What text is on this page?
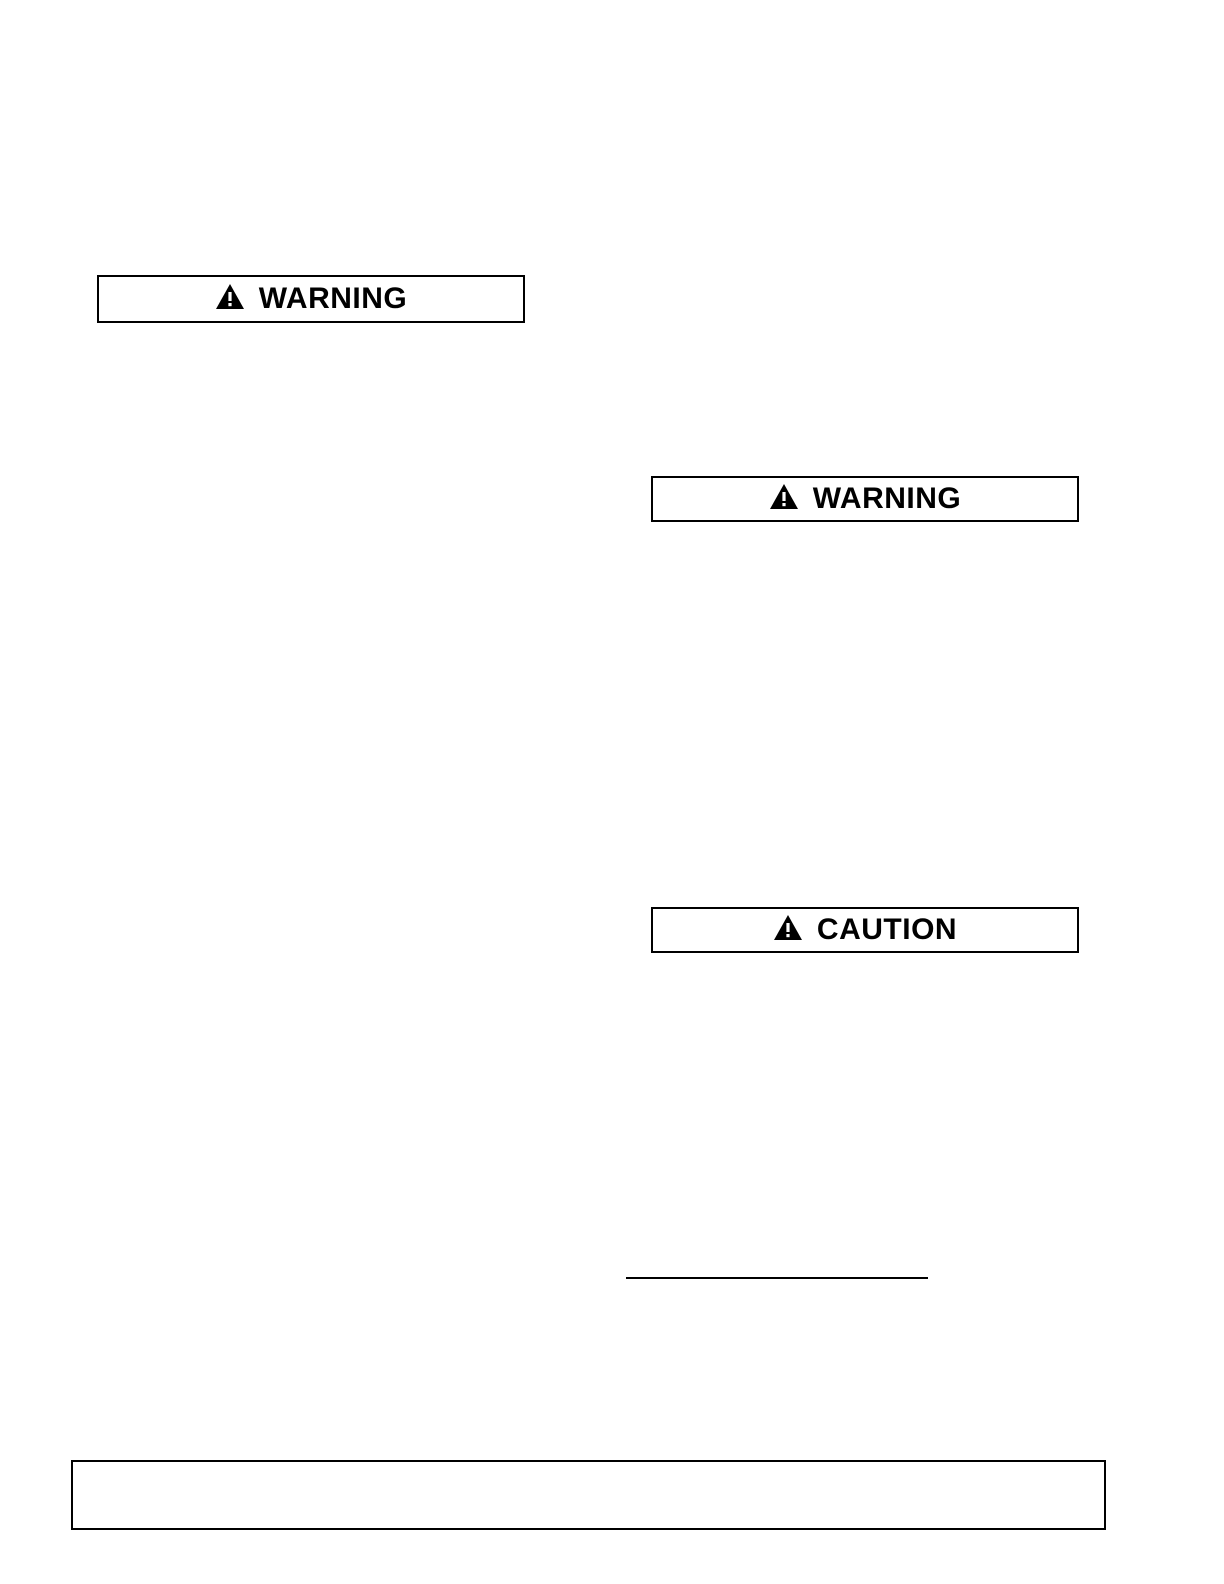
WARNING
WARNING
CAUTION
